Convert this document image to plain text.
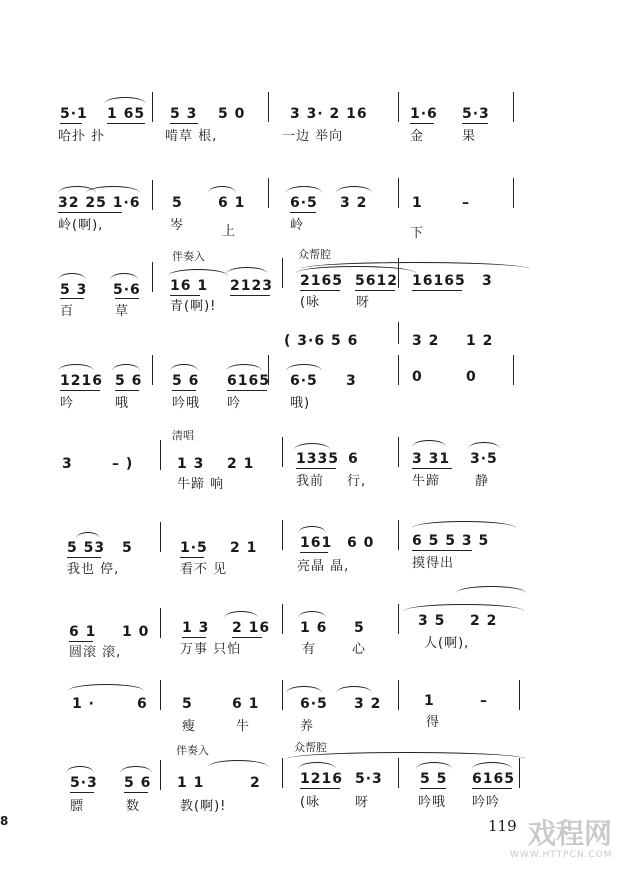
5·1 1 65 5 3 5 0	3 3· 2 16	1·6 5·3
哈扑 扑	啃草 根,	一边 举向	金	果
32 25 1·6 5	6 1	6·5 3 2	1	–
岭(啊),	岑	上	岭
下
5 3 5·6 16 1 2123 2165 5612 16165 3
百	草	青(啊)!	(咏	呀
( 3·6 5 6	3 2 1 2
1216 5 6 5 6 6165 6·5 3	0	0
吟	哦	吟哦 吟	哦)
3	– )	1 3 2 1	1335 6	3 31 3·5
牛蹄 响	我前 行,	牛蹄	静
5 53 5	1·5 2 1	161 6 0	6 5 5 3 5
我也 停,	看不 见	亮晶 晶,	摸得出
6 1 1 0 1 3 2 16 1 6 5	3 5 2 2
圆滚 滚,	万事 只怕	有	心	人(啊),
1 ·	6 5	6 1	6·5 3 2	1	–
瘦	牛	养	得
5·3 5 6 1 1	2	1216 5·3	5 5 6165
膘	数	教(啊)!	(咏	呀	吟哦 吟吟
伴奏入	众帮腔
伴奏入	众帮腔
清唱
8	119 戏程网
WWW.HTTPCN.COM
